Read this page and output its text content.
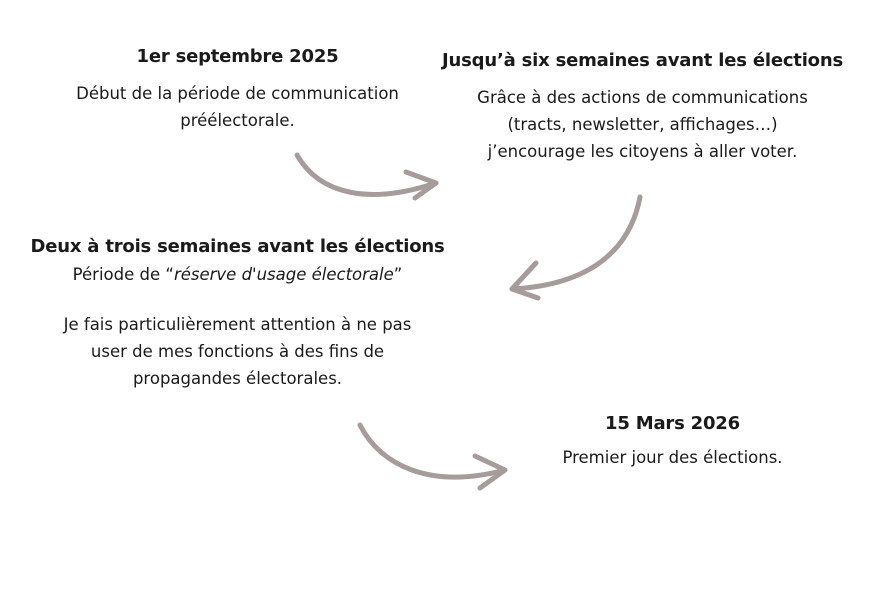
1er septembre 2025
Début de la période de communication
préélectorale.
Jusqu’à six semaines avant les élections
Grâce à des actions de communications
(tracts, newsletter, affichages…)
j’encourage les citoyens à aller voter.
Deux à trois semaines avant les élections
Période de “réserve d'usage électorale”
Je fais particulièrement attention à ne pas
user de mes fonctions à des fins de
propagandes électorales.
15 Mars 2026
Premier jour des élections.
